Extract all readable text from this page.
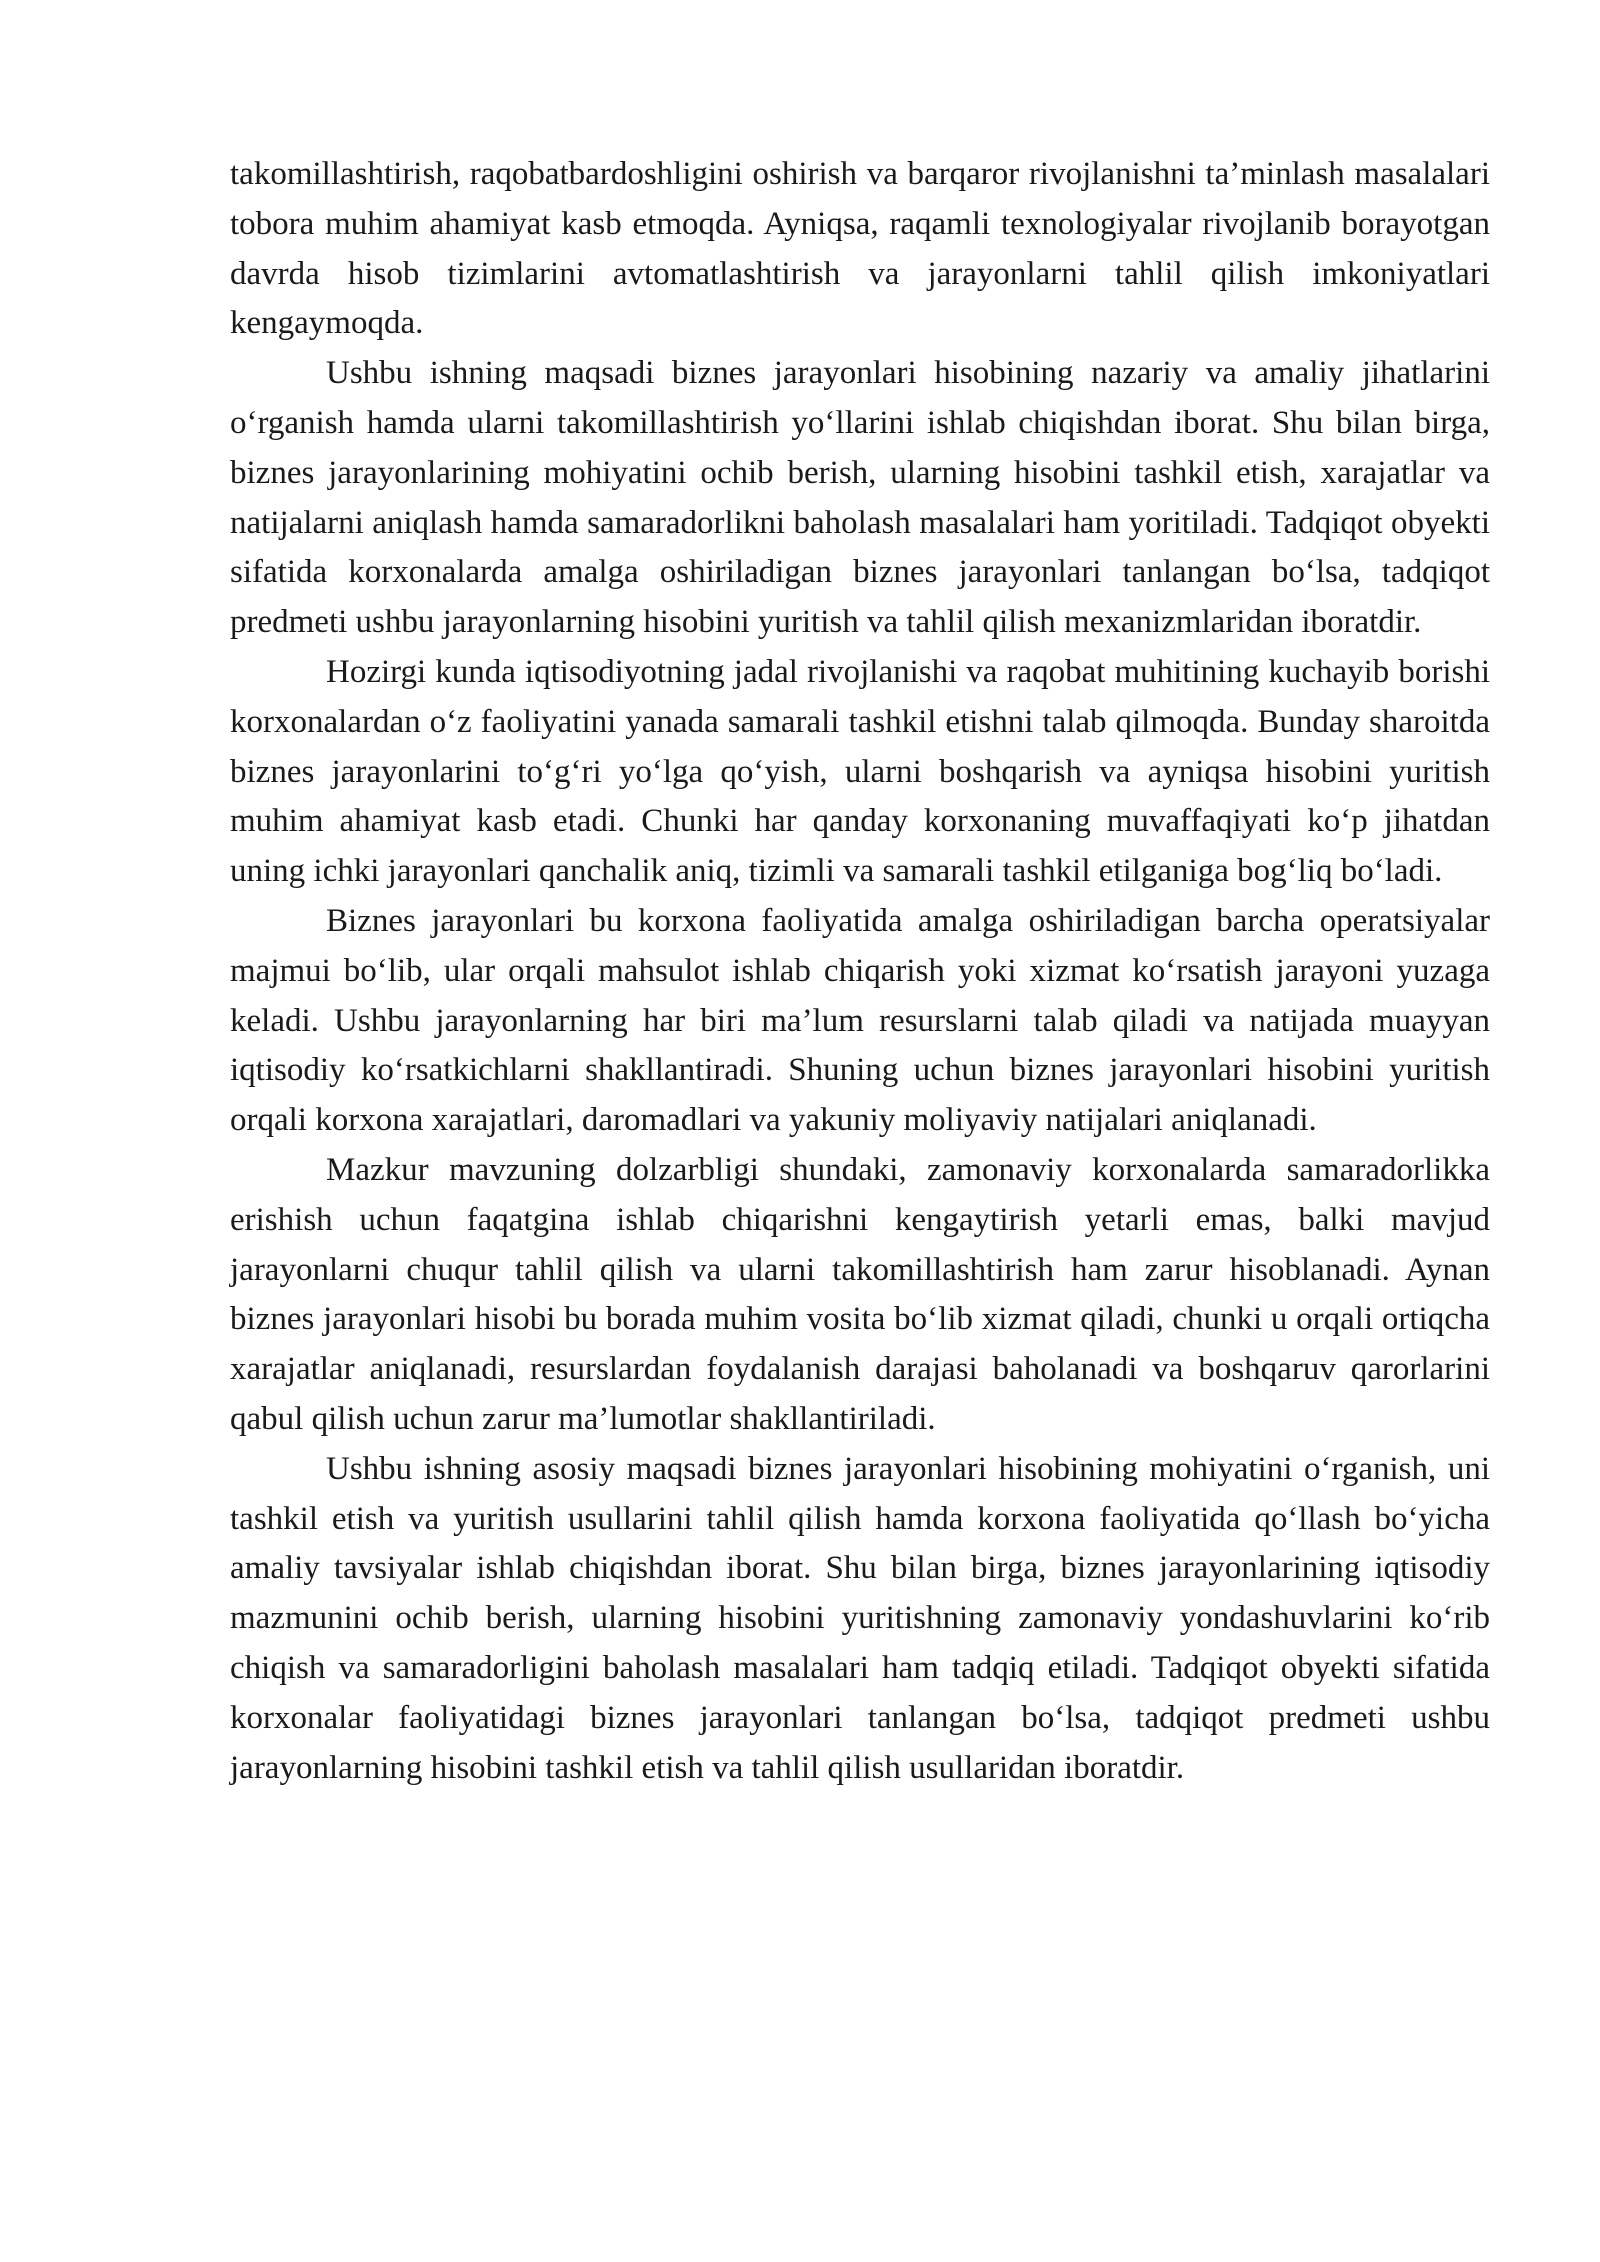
takomillashtirish, raqobatbardoshligini oshirish va barqaror rivojlanishni ta’minlash masalalari tobora muhim ahamiyat kasb etmoqda. Ayniqsa, raqamli texnologiyalar rivojlanib borayotgan davrda hisob tizimlarini avtomatlashtirish va jarayonlarni tahlil qilish imkoniyatlari kengaymoqda.

Ushbu ishning maqsadi biznes jarayonlari hisobining nazariy va amaliy jihatlarini o‘rganish hamda ularni takomillashtirish yo‘llarini ishlab chiqishdan iborat. Shu bilan birga, biznes jarayonlarining mohiyatini ochib berish, ularning hisobini tashkil etish, xarajatlar va natijalarni aniqlash hamda samaradorlikni baholash masalalari ham yoritiladi. Tadqiqot obyekti sifatida korxonalarda amalga oshiriladigan biznes jarayonlari tanlangan bo‘lsa, tadqiqot predmeti ushbu jarayonlarning hisobini yuritish va tahlil qilish mexanizmlaridan iboratdir.

Hozirgi kunda iqtisodiyotning jadal rivojlanishi va raqobat muhitining kuchayib borishi korxonalardan o‘z faoliyatini yanada samarali tashkil etishni talab qilmoqda. Bunday sharoitda biznes jarayonlarini to‘g‘ri yo‘lga qo‘yish, ularni boshqarish va ayniqsa hisobini yuritish muhim ahamiyat kasb etadi. Chunki har qanday korxonaning muvaffaqiyati ko‘p jihatdan uning ichki jarayonlari qanchalik aniq, tizimli va samarali tashkil etilganiga bog‘liq bo‘ladi.

Biznes jarayonlari bu korxona faoliyatida amalga oshiriladigan barcha operatsiyalar majmui bo‘lib, ular orqali mahsulot ishlab chiqarish yoki xizmat ko‘rsatish jarayoni yuzaga keladi. Ushbu jarayonlarning har biri ma’lum resurslarni talab qiladi va natijada muayyan iqtisodiy ko‘rsatkichlarni shakllantiradi. Shuning uchun biznes jarayonlari hisobini yuritish orqali korxona xarajatlari, daromadlari va yakuniy moliyaviy natijalari aniqlanadi.

Mazkur mavzuning dolzarbligi shundaki, zamonaviy korxonalarda samaradorlikka erishish uchun faqatgina ishlab chiqarishni kengaytirish yetarli emas, balki mavjud jarayonlarni chuqur tahlil qilish va ularni takomillashtirish ham zarur hisoblanadi. Aynan biznes jarayonlari hisobi bu borada muhim vosita bo‘lib xizmat qiladi, chunki u orqali ortiqcha xarajatlar aniqlanadi, resurslardan foydalanish darajasi baholanadi va boshqaruv qarorlarini qabul qilish uchun zarur ma’lumotlar shakllantiriladi.

Ushbu ishning asosiy maqsadi biznes jarayonlari hisobining mohiyatini o‘rganish, uni tashkil etish va yuritish usullarini tahlil qilish hamda korxona faoliyatida qo‘llash bo‘yicha amaliy tavsiyalar ishlab chiqishdan iborat. Shu bilan birga, biznes jarayonlarining iqtisodiy mazmunini ochib berish, ularning hisobini yuritishning zamonaviy yondashuvlarini ko‘rib chiqish va samaradorligini baholash masalalari ham tadqiq etiladi. Tadqiqot obyekti sifatida korxonalar faoliyatidagi biznes jarayonlari tanlangan bo‘lsa, tadqiqot predmeti ushbu jarayonlarning hisobini tashkil etish va tahlil qilish usullaridan iboratdir.
